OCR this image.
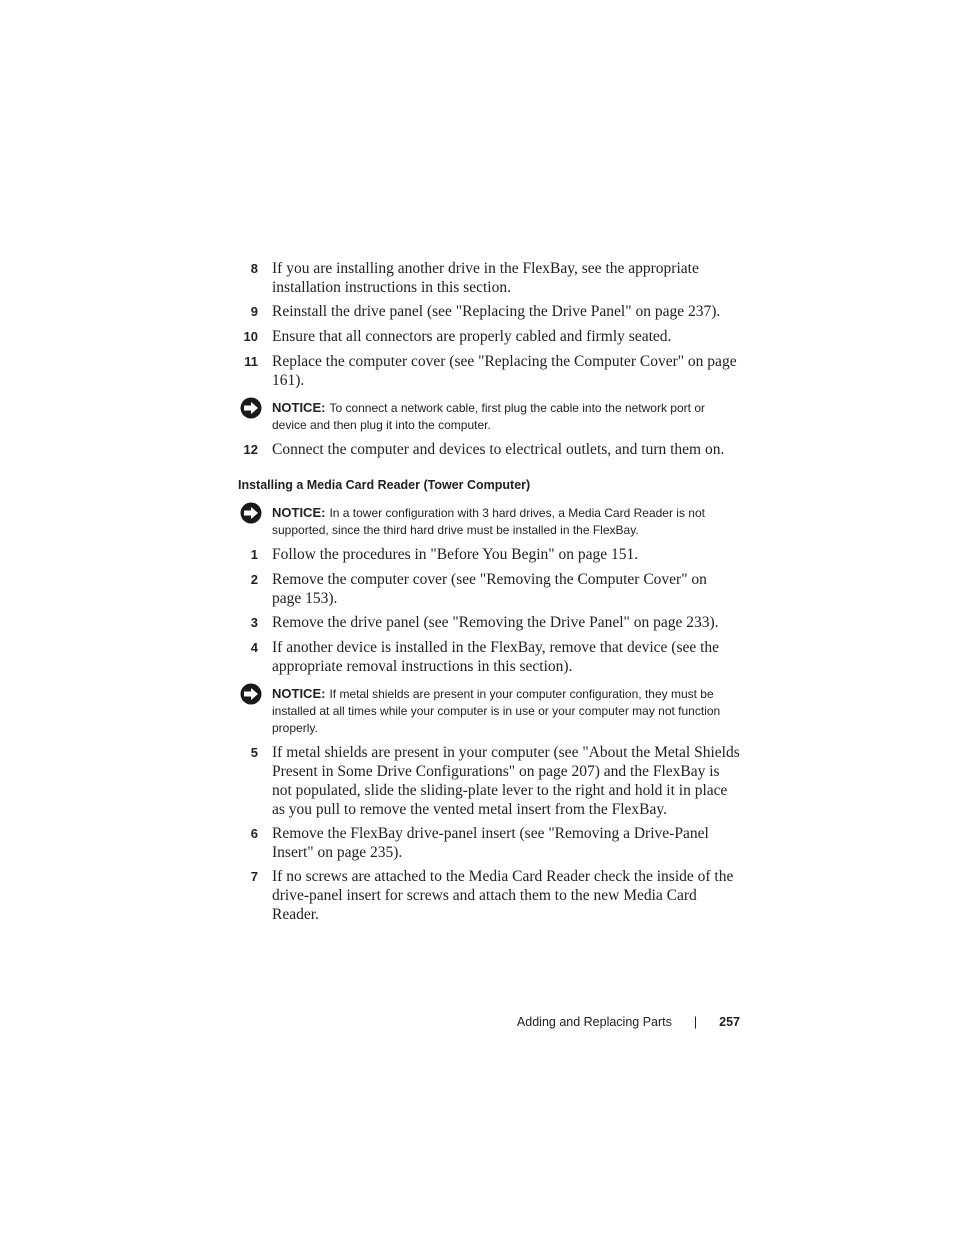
8 If you are installing another drive in the FlexBay, see the appropriate installation instructions in this section.
9 Reinstall the drive panel (see "Replacing the Drive Panel" on page 237).
10 Ensure that all connectors are properly cabled and firmly seated.
11 Replace the computer cover (see "Replacing the Computer Cover" on page 161).
NOTICE: To connect a network cable, first plug the cable into the network port or device and then plug it into the computer.
12 Connect the computer and devices to electrical outlets, and turn them on.
Installing a Media Card Reader (Tower Computer)
NOTICE: In a tower configuration with 3 hard drives, a Media Card Reader is not supported, since the third hard drive must be installed in the FlexBay.
1 Follow the procedures in "Before You Begin" on page 151.
2 Remove the computer cover (see "Removing the Computer Cover" on page 153).
3 Remove the drive panel (see "Removing the Drive Panel" on page 233).
4 If another device is installed in the FlexBay, remove that device (see the appropriate removal instructions in this section).
NOTICE: If metal shields are present in your computer configuration, they must be installed at all times while your computer is in use or your computer may not function properly.
5 If metal shields are present in your computer (see "About the Metal Shields Present in Some Drive Configurations" on page 207) and the FlexBay is not populated, slide the sliding-plate lever to the right and hold it in place as you pull to remove the vented metal insert from the FlexBay.
6 Remove the FlexBay drive-panel insert (see "Removing a Drive-Panel Insert" on page 235).
7 If no screws are attached to the Media Card Reader check the inside of the drive-panel insert for screws and attach them to the new Media Card Reader.
Adding and Replacing Parts | 257
